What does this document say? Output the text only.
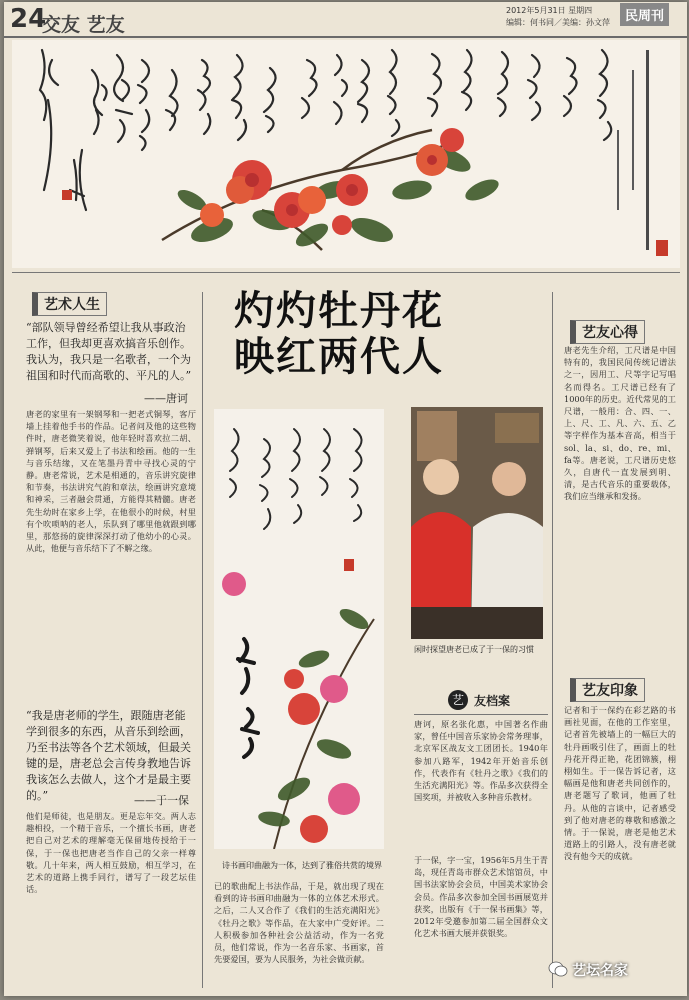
24
交友 艺友
2012年5月31日 星期四
编辑：何书同／美编：孙文萍	民周刊
艺术人生
“部队领导曾经希望让我从事政治工作，但我却更喜欢搞音乐创作。我认为，我只是一名歌者，一个为祖国和时代而高歌的、平凡的人。”
——唐诃
唐老的家里有一架钢琴和一把老式铜琴，客厅墙上挂着他手书的作品。记者问及他的这些物件时，唐老微笑着说，他年轻时喜欢拉二胡、弹钢琴，后来又爱上了书法和绘画。他的一生与音乐结缘，又在笔墨丹青中寻找心灵的宁静。唐老常说，艺术是相通的，音乐讲究旋律和节奏，书法讲究气韵和章法，绘画讲究意境和神采，三者融会贯通，方能得其精髓。唐老先生幼时在家乡上学，在他很小的时候，村里有个吹唢呐的老人，乐队到了哪里他就跟到哪里，那悠扬的旋律深深打动了他幼小的心灵。从此，他便与音乐结下了不解之缘。
“我是唐老师的学生，跟随唐老能学到很多的东西，从音乐到绘画，乃至书法等各个艺术领域，但最关键的是，唐老总会言传身教地告诉我该怎么去做人，这个才是最主要的。”	——于一保
他们是师徒，也是朋友。更是忘年交。两人志趣相投，一个精于音乐，一个擅长书画，唐老把自己对艺术的理解毫无保留地传授给于一保，于一保也把唐老当作自己的父亲一样尊敬。几十年来，两人相互鼓励，相互学习，在艺术的道路上携手同行，谱写了一段艺坛佳话。
灼灼牡丹花
映红两代人
诗书画印曲融为一体，达到了雅俗共赏的境界
已的歌曲配上书法作品，于是，就出现了现在看到的诗书画印曲融为一体的立体艺术形式。之后，二人又合作了《我们的生活充满阳光》《牡丹之歌》等作品，在大家中广受好评。二人积极参加各种社会公益活动，作为一名党员，他们常说，作为一名音乐家、书画家，首先要爱国，要为人民服务，为社会做贡献。
闲时探望唐老已成了于一保的习惯
艺 友档案
唐诃，原名张化惠，中国著名作曲家，曾任中国音乐家协会常务理事，北京军区战友文工团团长。1940年参加八路军，1942年开始音乐创作，代表作有《牡丹之歌》《我们的生活充满阳光》等。作品多次获得全国奖项，并被收入多种音乐教材。
于一保，字一宝，1956年5月生于青岛，现任青岛市群众艺术馆馆员，中国书法家协会会员，中国美术家协会会员。作品多次参加全国书画展览并获奖，出版有《于一保书画集》等，2012年受邀参加第二届全国群众文化艺术书画大展并获银奖。
艺友心得
唐老先生介绍，工尺谱是中国特有的，我国民间传统记谱法之一，因用工、尺等字记写唱名而得名。工尺谱已经有了1000年的历史。近代常见的工尺谱，一般用：合、四、一、上、尺、工、凡、六、五、乙等字样作为基本音高，相当于sol、la、si、do、re、mi、fa等。唐老说，工尺谱历史悠久，自唐代一直发展到明、清，是古代音乐的重要载体，我们应当继承和发扬。
艺友印象
记者和于一保约在彩艺路的书画社见面，在他的工作室里，记者首先被墙上的一幅巨大的牡丹画吸引住了，画面上的牡丹花开得正艳，花团锦簇，栩栩如生。于一保告诉记者，这幅画是他和唐老共同创作的，唐老题写了歌词，他画了牡丹。从他的言谈中，记者感受到了他对唐老的尊敬和感激之情。于一保说，唐老是他艺术道路上的引路人，没有唐老就没有他今天的成就。
艺坛名家
